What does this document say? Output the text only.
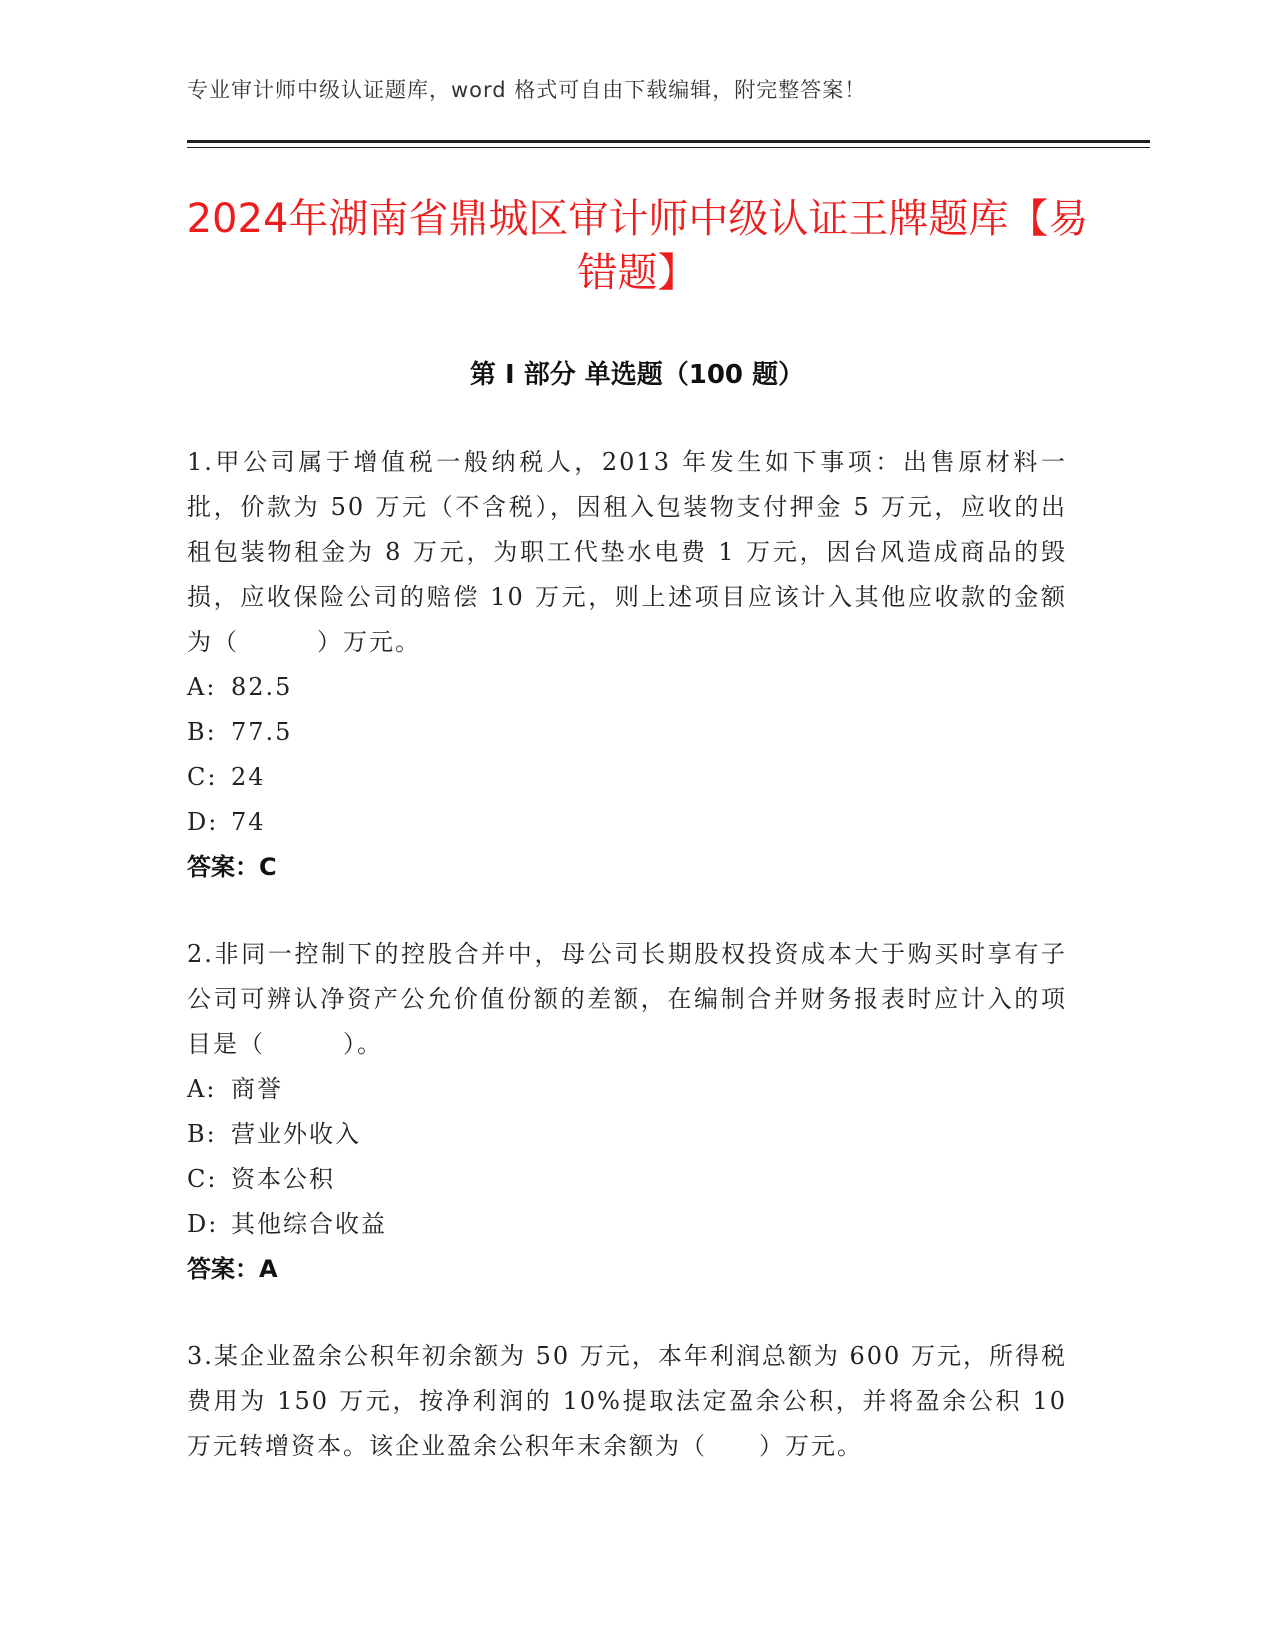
专业审计师中级认证题库，word 格式可自由下载编辑，附完整答案！
2024年湖南省鼎城区审计师中级认证王牌题库【易错题】
第 I 部分 单选题（100 题）

1.甲公司属于增值税一般纳税人，2013 年发生如下事项：出售原材料一批，价款为 50 万元（不含税），因租入包装物支付押金 5 万元，应收的出租包装物租金为 8 万元，为职工代垫水电费 1 万元，因台风造成商品的毁损，应收保险公司的赔偿 10 万元，则上述项目应该计入其他应收款的金额为（　　　）万元。

A: 82.5
B: 77.5
C: 24
D: 74
答案：C

2.非同一控制下的控股合并中，母公司长期股权投资成本大于购买时享有子公司可辨认净资产公允价值份额的差额，在编制合并财务报表时应计入的项目是（　　　）。

A: 商誉
B: 营业外收入
C: 资本公积
D: 其他综合收益
答案：A

3.某企业盈余公积年初余额为 50 万元，本年利润总额为 600 万元，所得税费用为 150 万元，按净利润的 10%提取法定盈余公积，并将盈余公积 10 万元转增资本。该企业盈余公积年末余额为（　　）万元。
